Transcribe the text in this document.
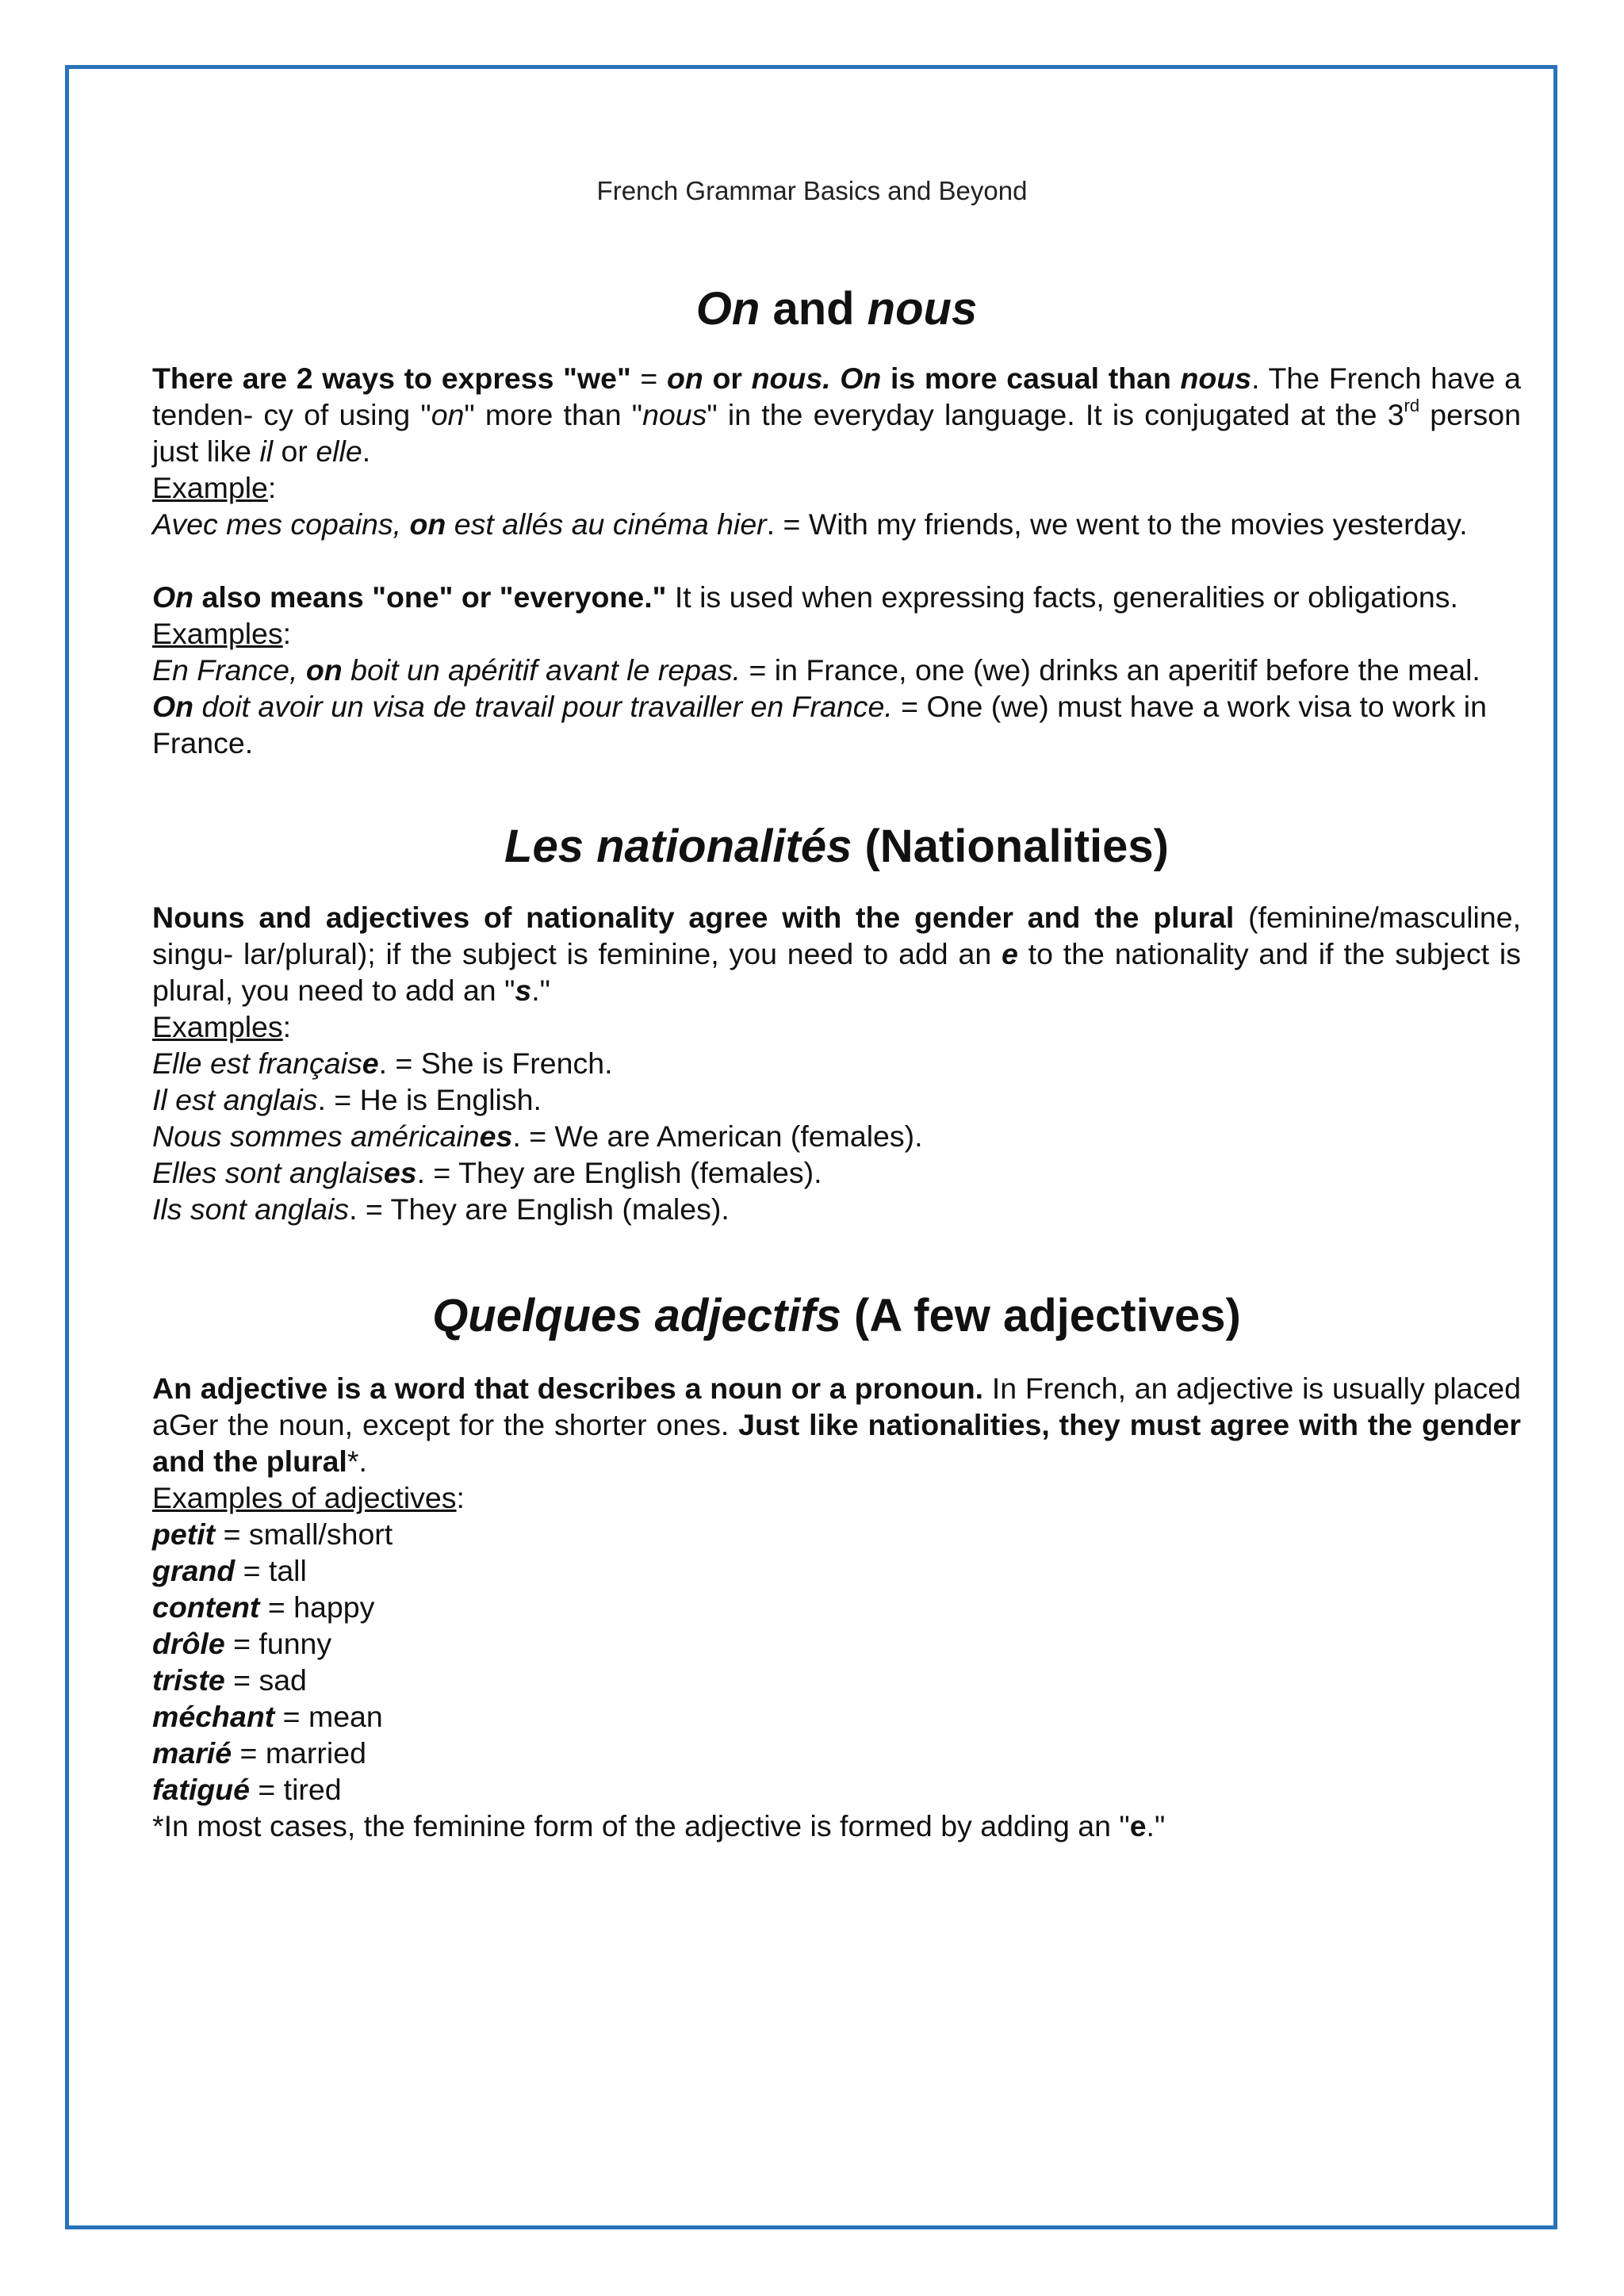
French Grammar Basics and Beyond
On and nous

There are 2 ways to express "we" = on or nous. On is more casual than nous. The French have a tenden- cy of using "on" more than "nous" in the everyday language. It is conjugated at the 3rd person just like il or elle.

Example:

Avec mes copains, on est allés au cinéma hier. = With my friends, we went to the movies yesterday.

On also means "one" or "everyone." It is used when expressing facts, generalities or obligations. Examples:

En France, on boit un apéritif avant le repas. = in France, one (we) drinks an aperitif before the meal.

On doit avoir un visa de travail pour travailler en France. = One (we) must have a work visa to work in France.

Les nationalités (Nationalities)

Nouns and adjectives of nationality agree with the gender and the plural (feminine/masculine, singu- lar/plural); if the subject is feminine, you need to add an e to the nationality and if the subject is plural, you need to add an "s."

Examples:

Elle est française. = She is French.

Il est anglais. = He is English.

Nous sommes américaines. = We are American (females).

Elles sont anglaises. = They are English (females).

Ils sont anglais. = They are English (males).

Quelques adjectifs (A few adjectives)

An adjective is a word that describes a noun or a pronoun. In French, an adjective is usually placed aGer the noun, except for the shorter ones. Just like nationalities, they must agree with the gender and the plural*.

Examples of adjectives:

petit = small/short

grand = tall

content = happy

drôle = funny

triste = sad

méchant = mean

marié = married

fatigué = tired

*In most cases, the feminine form of the adjective is formed by adding an "e."
